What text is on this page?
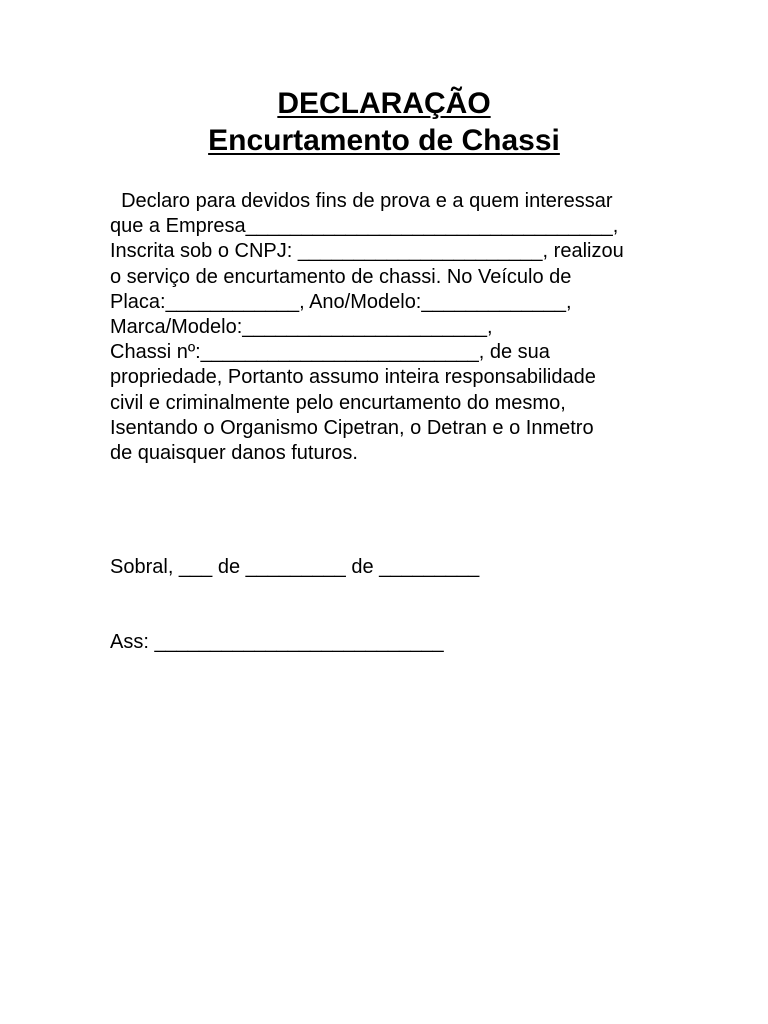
DECLARAÇÃO
Encurtamento de Chassi

Declaro para devidos fins de prova e a quem interessar
que a Empresa_________________________________,
Inscrita sob o CNPJ: ______________________, realizou
o serviço de encurtamento de chassi. No Veículo de
Placa:____________, Ano/Modelo:_____________,
Marca/Modelo:______________________,
Chassi nº:_________________________, de sua
propriedade, Portanto assumo inteira responsabilidade
civil e criminalmente pelo encurtamento do mesmo,
Isentando o Organismo Cipetran, o Detran e o Inmetro
de quaisquer danos futuros.

Sobral, ___ de _________ de _________

Ass: __________________________
